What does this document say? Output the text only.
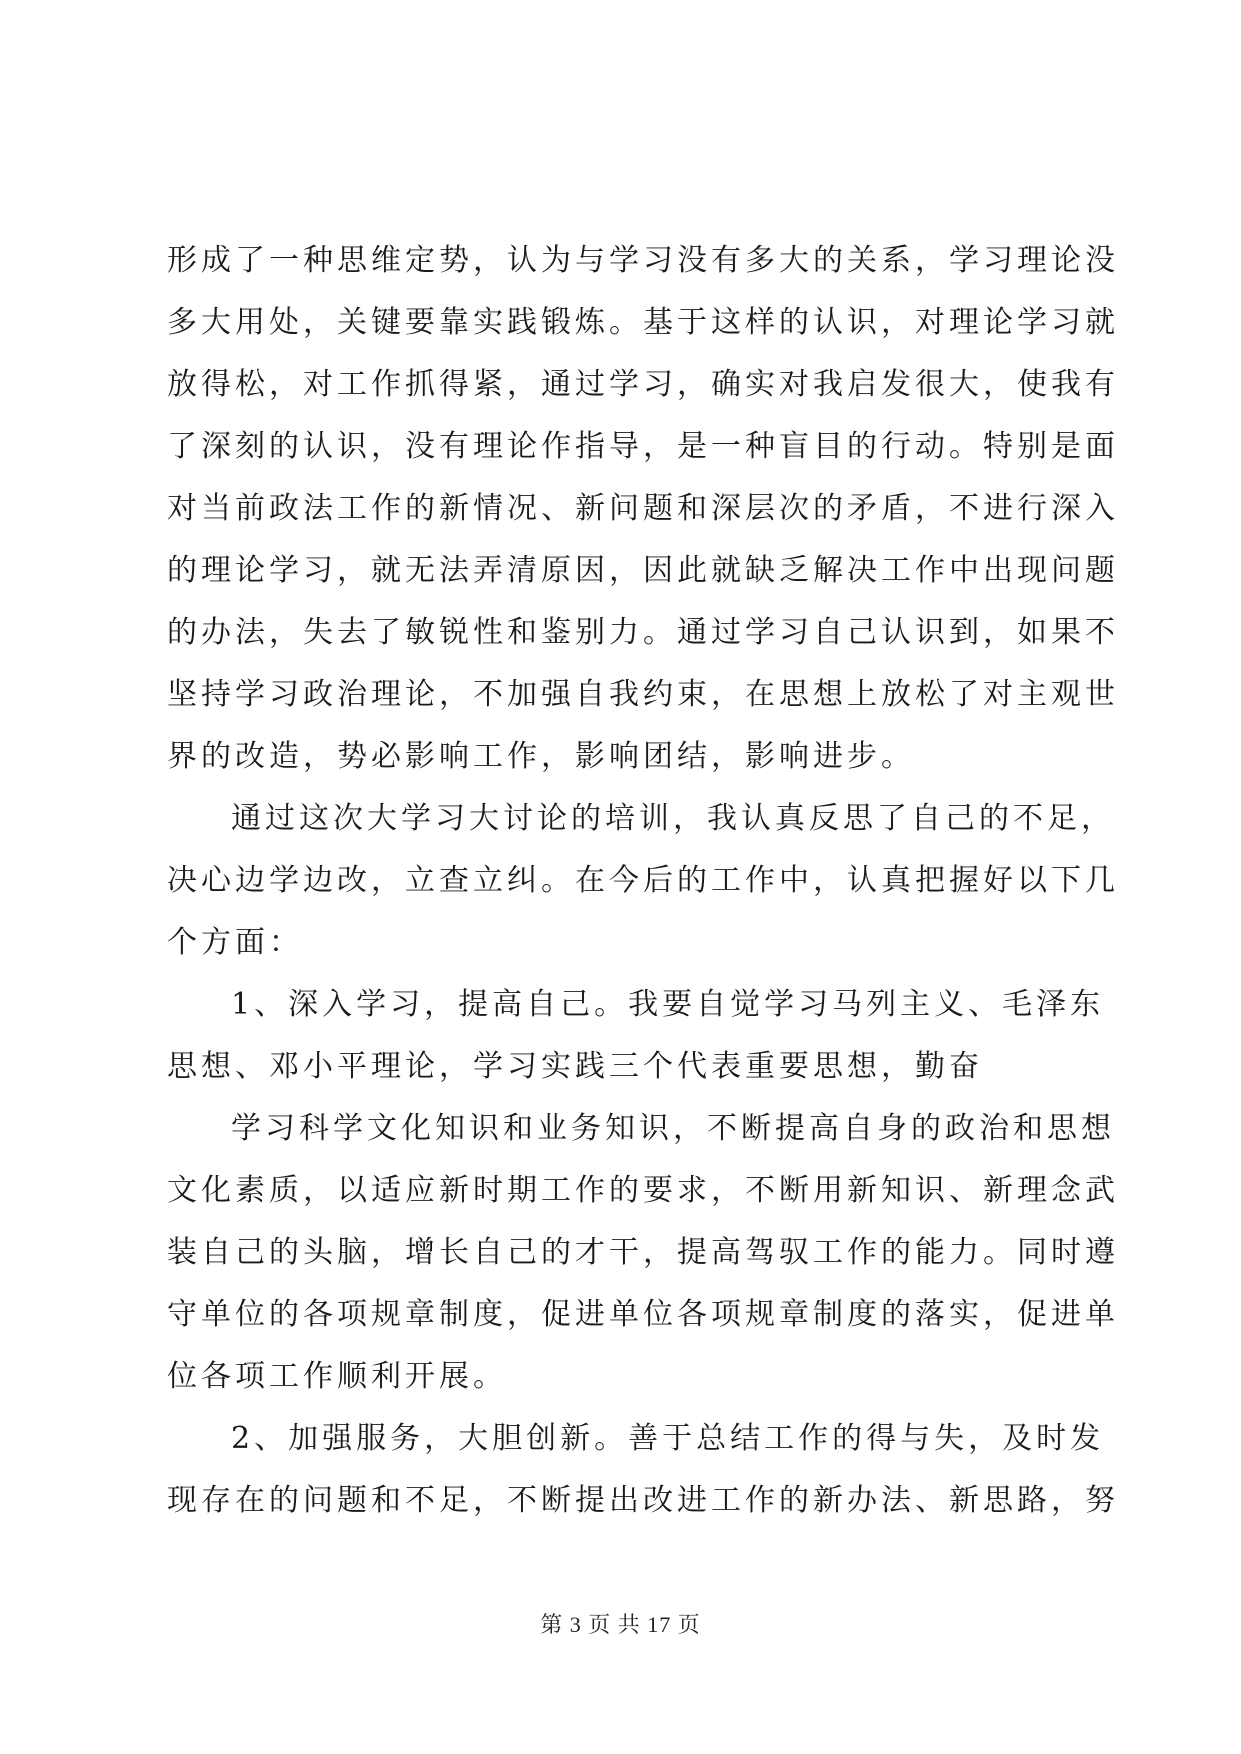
形成了一种思维定势，认为与学习没有多大的关系，学习理论没
多大用处，关键要靠实践锻炼。基于这样的认识，对理论学习就
放得松，对工作抓得紧，通过学习，确实对我启发很大，使我有
了深刻的认识，没有理论作指导，是一种盲目的行动。特别是面
对当前政法工作的新情况、新问题和深层次的矛盾，不进行深入
的理论学习，就无法弄清原因，因此就缺乏解决工作中出现问题
的办法，失去了敏锐性和鉴别力。通过学习自己认识到，如果不
坚持学习政治理论，不加强自我约束，在思想上放松了对主观世
界的改造，势必影响工作，影响团结，影响进步。
通过这次大学习大讨论的培训，我认真反思了自己的不足，
决心边学边改，立查立纠。在今后的工作中，认真把握好以下几
个方面：
1、深入学习，提高自己。我要自觉学习马列主义、毛泽东
思想、邓小平理论，学习实践三个代表重要思想，勤奋
学习科学文化知识和业务知识，不断提高自身的政治和思想
文化素质，以适应新时期工作的要求，不断用新知识、新理念武
装自己的头脑，增长自己的才干，提高驾驭工作的能力。同时遵
守单位的各项规章制度，促进单位各项规章制度的落实，促进单
位各项工作顺利开展。
2、加强服务，大胆创新。善于总结工作的得与失，及时发
现存在的问题和不足，不断提出改进工作的新办法、新思路，努
第 3 页 共 17 页
